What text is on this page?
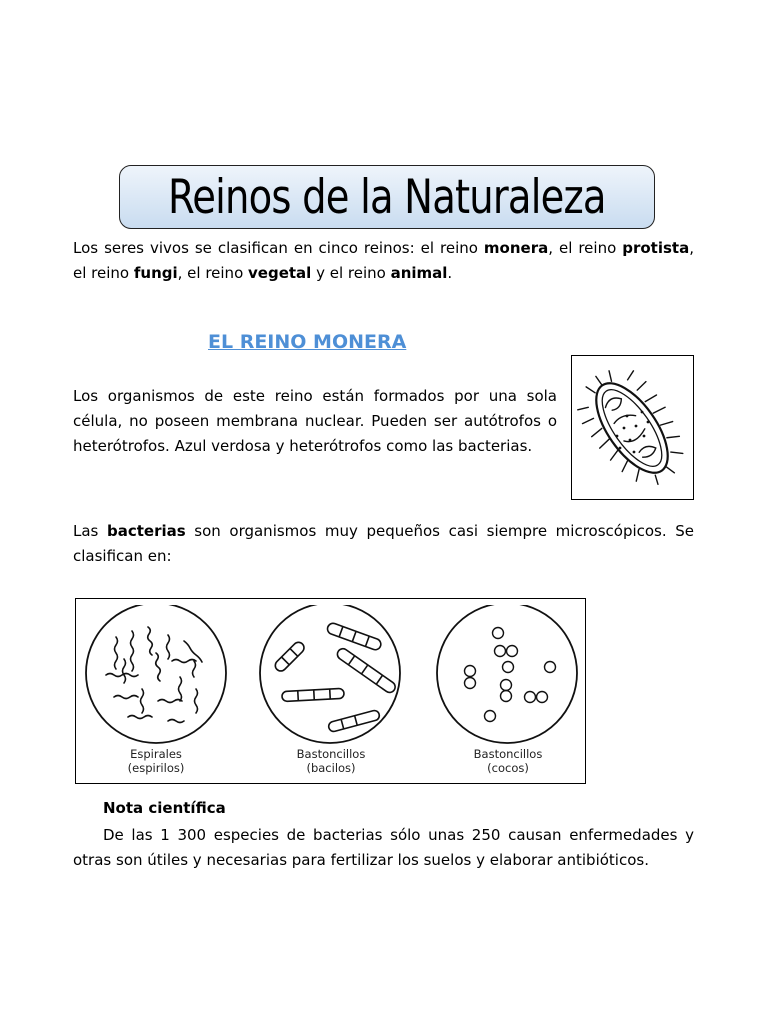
Reinos de la Naturaleza
Los seres vivos se clasifican en cinco reinos: el reino monera, el reino protista, el reino fungi, el reino vegetal y el reino animal.
EL REINO MONERA
Los organismos de este reino están formados por una sola célula, no poseen membrana nuclear. Pueden ser autótrofos o heterótrofos. Azul verdosa y heterótrofos como las bacterias.
Las bacterias son organismos muy pequeños casi siempre microscópicos. Se clasifican en:
Espirales
(espirilos)
Bastoncillos
(bacilos)
Bastoncillos
(cocos)
Nota científica
De las 1 300 especies de bacterias sólo unas 250 causan enfermedades y otras son útiles y necesarias para fertilizar los suelos y elaborar antibióticos.
